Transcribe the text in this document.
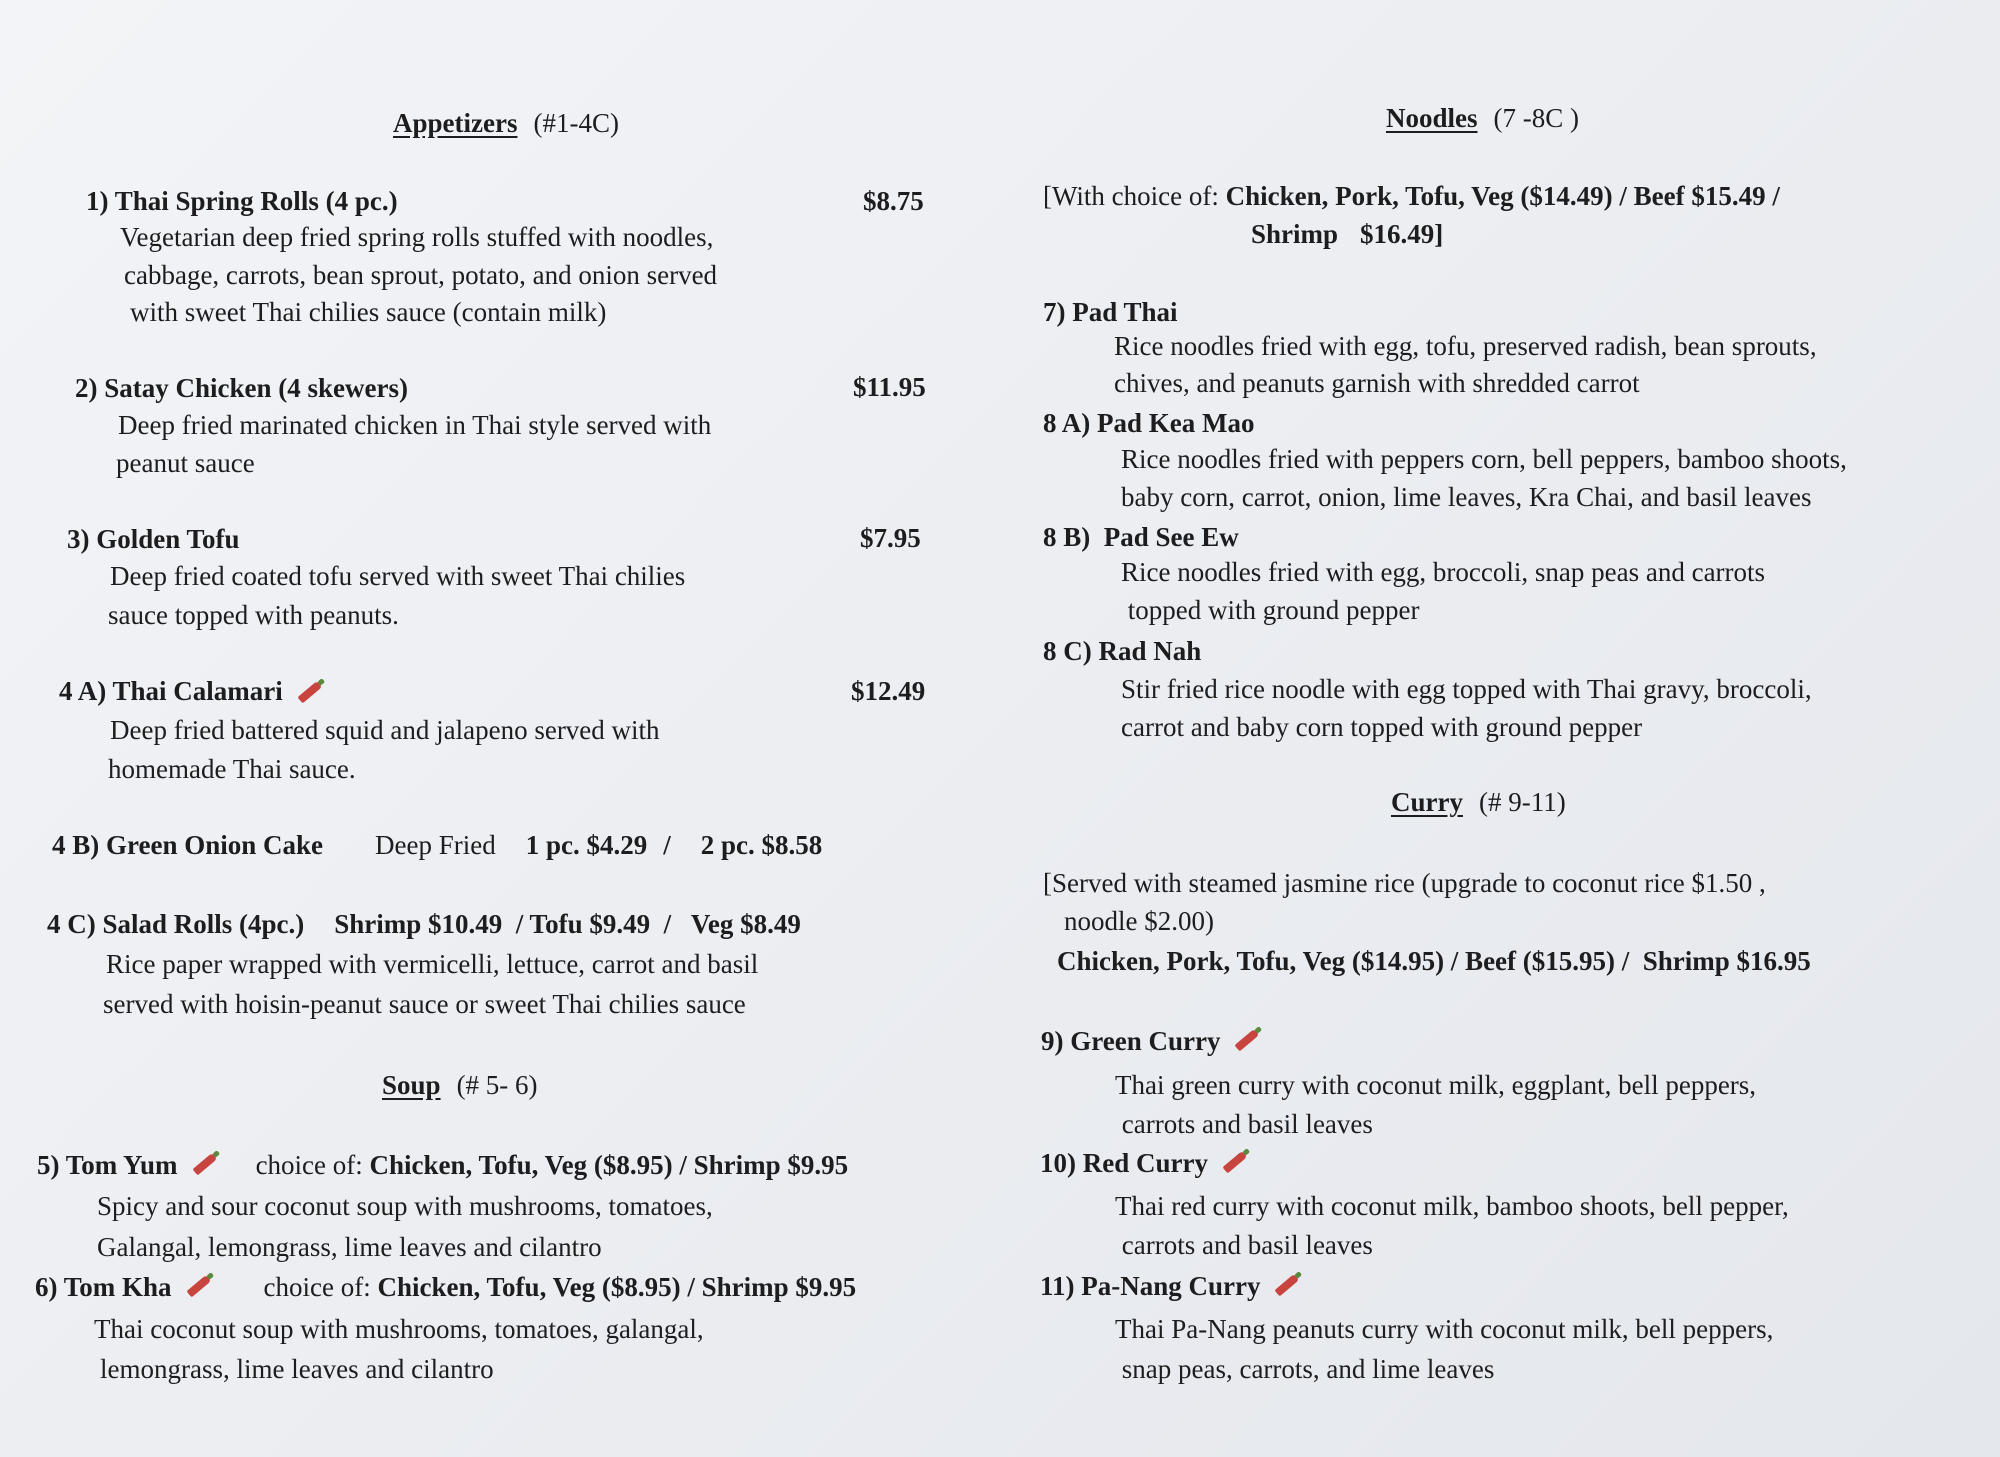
Appetizers (#1-4C)
1) Thai Spring Rolls (4 pc.)	$8.75
Vegetarian deep fried spring rolls stuffed with noodles,
cabbage, carrots, bean sprout, potato, and onion served
with sweet Thai chilies sauce (contain milk)
2) Satay Chicken (4 skewers)	$11.95
Deep fried marinated chicken in Thai style served with
peanut sauce
3) Golden Tofu	$7.95
Deep fried coated tofu served with sweet Thai chilies
sauce topped with peanuts.
4 A) Thai Calamari	$12.49
Deep fried battered squid and jalapeno served with
homemade Thai sauce.
4 B) Green Onion Cake Deep Fried 1 pc. $4.29 / 2 pc. $8.58
4 C) Salad Rolls (4pc.) Shrimp $10.49  / Tofu $9.49  /   Veg $8.49
Rice paper wrapped with vermicelli, lettuce, carrot and basil
served with hoisin-peanut sauce or sweet Thai chilies sauce
Soup (# 5- 6)
5) Tom Yum	choice of: Chicken, Tofu, Veg ($8.95) / Shrimp $9.95
Spicy and sour coconut soup with mushrooms, tomatoes,
Galangal, lemongrass, lime leaves and cilantro
6) Tom Kha	choice of: Chicken, Tofu, Veg ($8.95) / Shrimp $9.95
Thai coconut soup with mushrooms, tomatoes, galangal,
lemongrass, lime leaves and cilantro
Noodles (7 -8C )
[With choice of: Chicken, Pork, Tofu, Veg ($14.49) / Beef $15.49 /
Shrimp $16.49]
7) Pad Thai
Rice noodles fried with egg, tofu, preserved radish, bean sprouts,
chives, and peanuts garnish with shredded carrot
8 A) Pad Kea Mao
Rice noodles fried with peppers corn, bell peppers, bamboo shoots,
baby corn, carrot, onion, lime leaves, Kra Chai, and basil leaves
8 B)  Pad See Ew
Rice noodles fried with egg, broccoli, snap peas and carrots
topped with ground pepper
8 C) Rad Nah
Stir fried rice noodle with egg topped with Thai gravy, broccoli,
carrot and baby corn topped with ground pepper
Curry (# 9-11)
[Served with steamed jasmine rice (upgrade to coconut rice $1.50 ,
noodle $2.00)
Chicken, Pork, Tofu, Veg ($14.95) / Beef ($15.95) /  Shrimp $16.95
9) Green Curry
Thai green curry with coconut milk, eggplant, bell peppers,
carrots and basil leaves
10) Red Curry
Thai red curry with coconut milk, bamboo shoots, bell pepper,
carrots and basil leaves
11) Pa-Nang Curry
Thai Pa-Nang peanuts curry with coconut milk, bell peppers,
snap peas, carrots, and lime leaves
